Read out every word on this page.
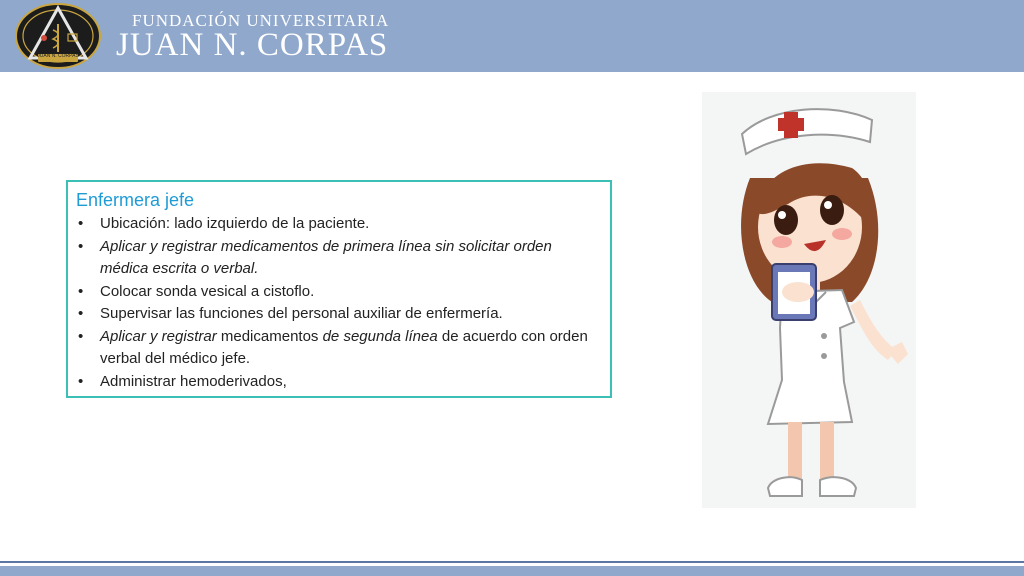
JUAN N. CORPAS
FUNDACIÓN UNIVERSITARIA
JUAN N. CORPAS
Enfermera jefe
• Ubicación: lado izquierdo de la paciente.
• Aplicar y registrar medicamentos de primera línea sin solicitar orden médica escrita o verbal.
• Colocar sonda vesical a cistoflo.
• Supervisar las funciones del personal auxiliar de enfermería.
• Aplicar y registrar medicamentos de segunda línea de acuerdo con orden verbal del médico jefe.
• Administrar hemoderivados,
